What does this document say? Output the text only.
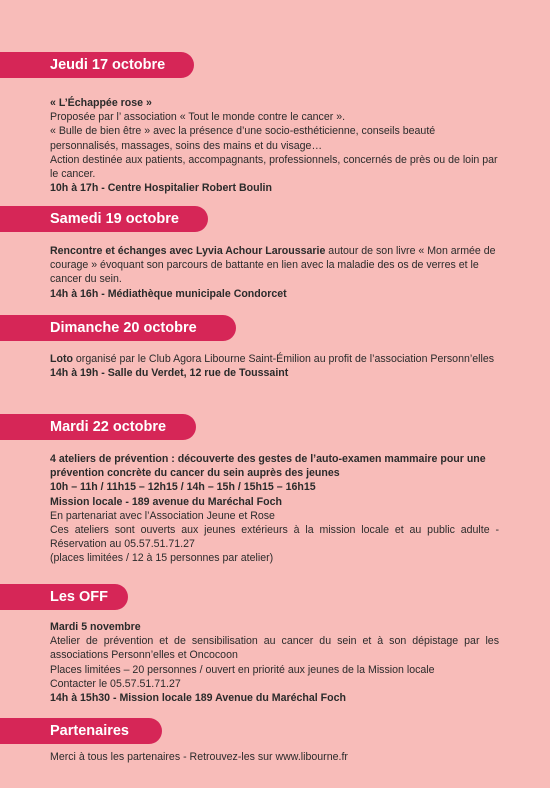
Jeudi 17 octobre

« L’Échappée rose »

Proposée par l’ association « Tout le monde contre le cancer ».

« Bulle de bien être » avec la présence d’une socio-esthéticienne, conseils beauté personnalisés, massages, soins des mains et du visage…

Action destinée aux patients, accompagnants, professionnels, concernés de près ou de loin par le cancer.

10h à 17h - Centre Hospitalier Robert Boulin

Samedi 19 octobre

Rencontre et échanges avec Lyvia Achour Laroussarie autour de son livre « Mon armée de courage » évoquant son parcours de battante en lien avec la maladie des os de verres et le cancer du sein.

14h à 16h - Médiathèque municipale Condorcet

Dimanche 20 octobre

Loto organisé par le Club Agora Libourne Saint-Émilion au profit de l’association Personn’elles

14h à 19h - Salle du Verdet, 12 rue de Toussaint

Mardi 22 octobre

4 ateliers de prévention : découverte des gestes de l’auto-examen mammaire pour une prévention concrète du cancer du sein auprès des jeunes

10h – 11h / 11h15 – 12h15 / 14h – 15h / 15h15 – 16h15

Mission locale - 189 avenue du Maréchal Foch

En partenariat avec l’Association Jeune et Rose

Ces ateliers sont ouverts aux jeunes extérieurs à la mission locale et au public adulte - Réservation au 05.57.51.71.27

(places limitées / 12 à 15 personnes par atelier)

Les OFF

Mardi 5 novembre

Atelier de prévention et de sensibilisation au cancer du sein et à son dépistage par les associations Personn’elles et Oncocoon

Places limitées – 20 personnes / ouvert en priorité aux jeunes de la Mission locale

Contacter le 05.57.51.71.27

14h à 15h30 - Mission locale 189 Avenue du Maréchal Foch

Partenaires

Merci à tous les partenaires - Retrouvez-les sur www.libourne.fr
